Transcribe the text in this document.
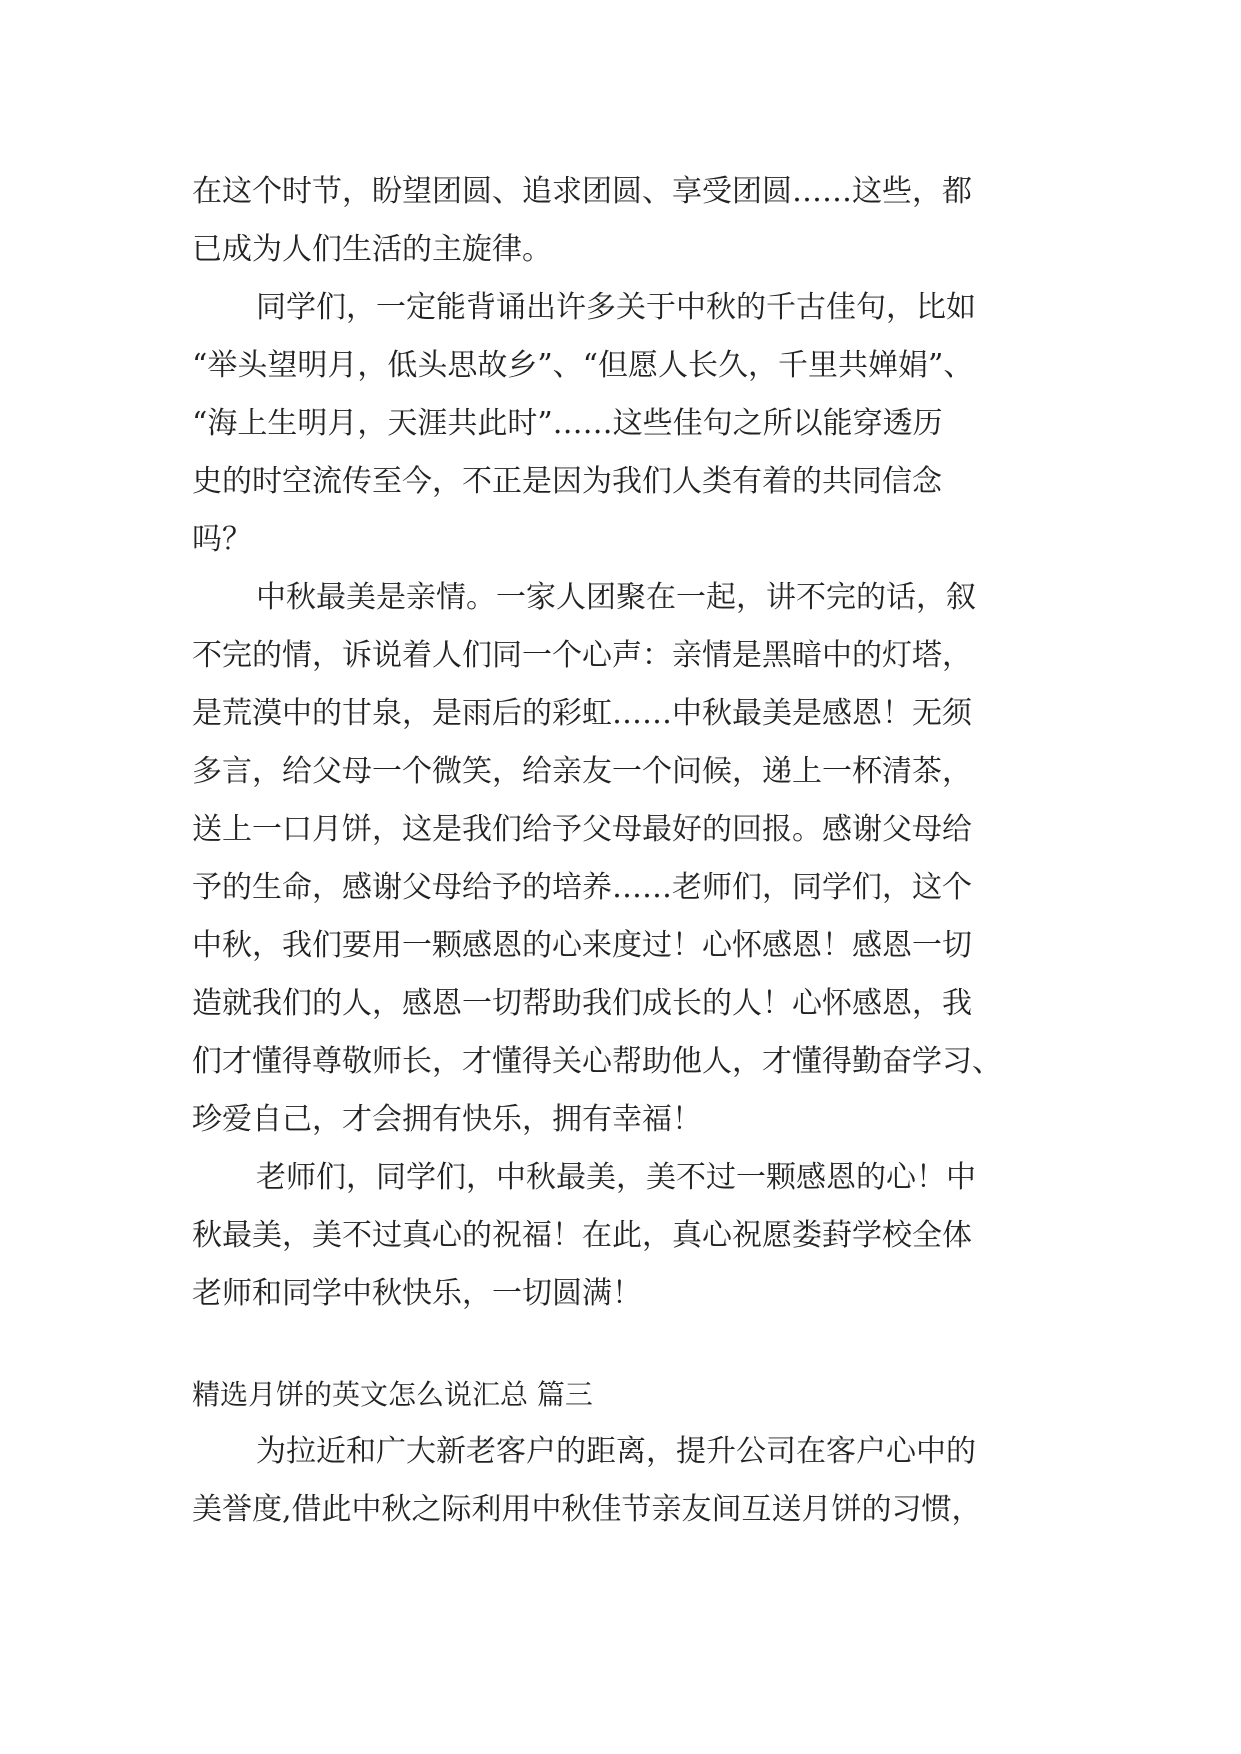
在这个时节，盼望团圆、追求团圆、享受团圆……这些，都
已成为人们生活的主旋律。
同学们，一定能背诵出许多关于中秋的千古佳句，比如
“举头望明月，低头思故乡”、“但愿人长久，千里共婵娟”、
“海上生明月，天涯共此时”……这些佳句之所以能穿透历
史的时空流传至今，不正是因为我们人类有着的共同信念
吗？
中秋最美是亲情。一家人团聚在一起，讲不完的话，叙
不完的情，诉说着人们同一个心声：亲情是黑暗中的灯塔，
是荒漠中的甘泉，是雨后的彩虹……中秋最美是感恩！无须
多言，给父母一个微笑，给亲友一个问候，递上一杯清茶，
送上一口月饼，这是我们给予父母最好的回报。感谢父母给
予的生命，感谢父母给予的培养……老师们，同学们，这个
中秋，我们要用一颗感恩的心来度过！心怀感恩！感恩一切
造就我们的人，感恩一切帮助我们成长的人！心怀感恩，我
们才懂得尊敬师长，才懂得关心帮助他人，才懂得勤奋学习、
珍爱自己，才会拥有快乐，拥有幸福！
老师们，同学们，中秋最美，美不过一颗感恩的心！中
秋最美，美不过真心的祝福！在此，真心祝愿娄葑学校全体
老师和同学中秋快乐，一切圆满！
精选月饼的英文怎么说汇总 篇三
为拉近和广大新老客户的距离，提升公司在客户心中的
美誉度,借此中秋之际利用中秋佳节亲友间互送月饼的习惯，
